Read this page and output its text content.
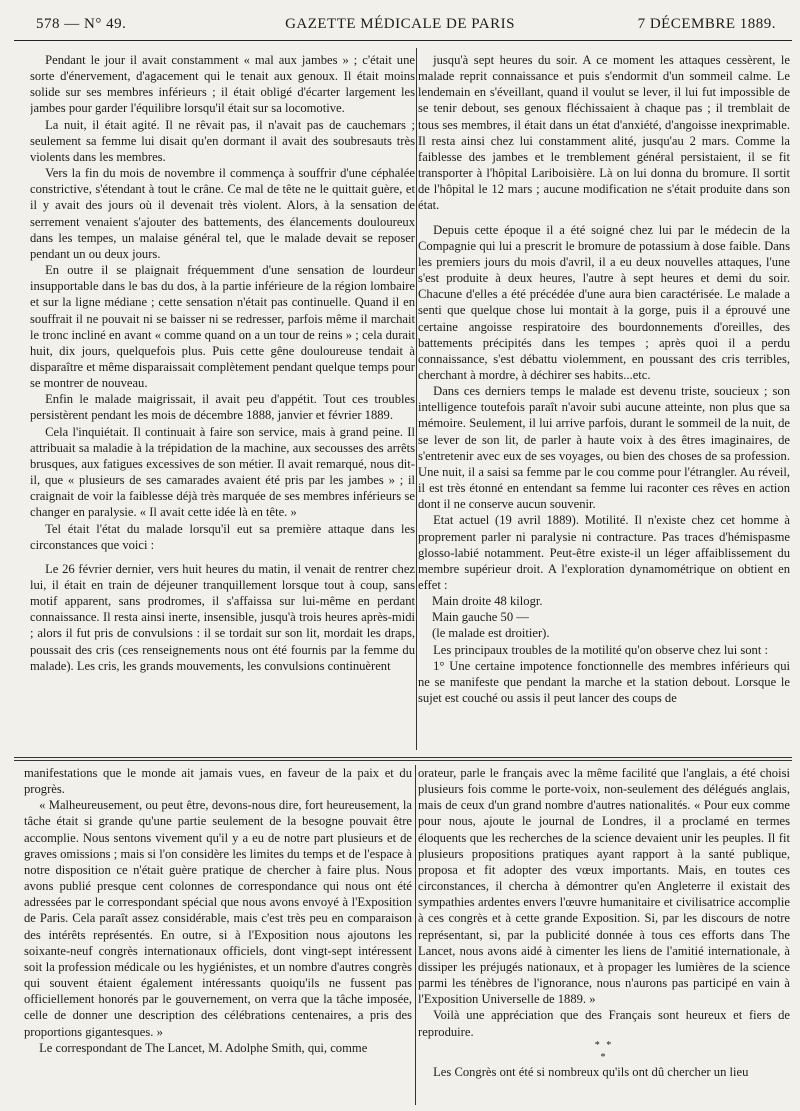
578 — N° 49.	GAZETTE MÉDICALE DE PARIS	7 DÉCEMBRE 1889.

Pendant le jour il avait constamment « mal aux jambes » ; c'était une sorte d'énervement, d'agacement qui le tenait aux genoux. Il était moins solide sur ses membres inférieurs ; il était obligé d'écarter largement les jambes pour garder l'équilibre lorsqu'il était sur sa locomotive.

La nuit, il était agité. Il ne rêvait pas, il n'avait pas de cauchemars ; seulement sa femme lui disait qu'en dormant il avait des soubresauts très violents dans les membres.

Vers la fin du mois de novembre il commença à souffrir d'une céphalée constrictive, s'étendant à tout le crâne. Ce mal de tête ne le quittait guère, et il y avait des jours où il devenait très violent. Alors, à la sensation de serrement venaient s'ajouter des battements, des élancements douloureux dans les tempes, un malaise général tel, que le malade devait se reposer pendant un ou deux jours.

En outre il se plaignait fréquemment d'une sensation de lourdeur insupportable dans le bas du dos, à la partie inférieure de la région lombaire et sur la ligne médiane ; cette sensation n'était pas continuelle. Quand il en souffrait il ne pouvait ni se baisser ni se redresser, parfois même il marchait le tronc incliné en avant « comme quand on a un tour de reins » ; cela durait huit, dix jours, quelquefois plus. Puis cette gêne douloureuse tendait à disparaître et même disparaissait complètement pendant quelque temps pour se montrer de nouveau.

Enfin le malade maigrissait, il avait peu d'appétit. Tout ces troubles persistèrent pendant les mois de décembre 1888, janvier et février 1889.

Cela l'inquiétait. Il continuait à faire son service, mais à grand peine. Il attribuait sa maladie à la trépidation de la machine, aux secousses des arrêts brusques, aux fatigues excessives de son métier. Il avait remarqué, nous dit-il, que « plusieurs de ses camarades avaient été pris par les jambes » ; il craignait de voir la faiblesse déjà très marquée de ses membres inférieurs se changer en paralysie. « Il avait cette idée là en tête. »

Tel était l'état du malade lorsqu'il eut sa première attaque dans les circonstances que voici :

Le 26 février dernier, vers huit heures du matin, il venait de rentrer chez lui, il était en train de déjeuner tranquillement lorsque tout à coup, sans motif apparent, sans prodromes, il s'affaissa sur lui-même en perdant connaissance. Il resta ainsi inerte, insensible, jusqu'à trois heures après-midi ; alors il fut pris de convulsions : il se tordait sur son lit, mordait les draps, poussait des cris (ces renseignements nous ont été fournis par la femme du malade). Les cris, les grands mouvements, les convulsions continuèrent

jusqu'à sept heures du soir. A ce moment les attaques cessèrent, le malade reprit connaissance et puis s'endormit d'un sommeil calme. Le lendemain en s'éveillant, quand il voulut se lever, il lui fut impossible de se tenir debout, ses genoux fléchissaient à chaque pas ; il tremblait de tous ses membres, il était dans un état d'anxiété, d'angoisse inexprimable. Il resta ainsi chez lui constamment alité, jusqu'au 2 mars. Comme la faiblesse des jambes et le tremblement général persistaient, il se fit transporter à l'hôpital Lariboisière. Là on lui donna du bromure. Il sortit de l'hôpital le 12 mars ; aucune modification ne s'était produite dans son état.

Depuis cette époque il a été soigné chez lui par le médecin de la Compagnie qui lui a prescrit le bromure de potassium à dose faible. Dans les premiers jours du mois d'avril, il a eu deux nouvelles attaques, l'une s'est produite à deux heures, l'autre à sept heures et demi du soir. Chacune d'elles a été précédée d'une aura bien caractérisée. Le malade a senti que quelque chose lui montait à la gorge, puis il a éprouvé une certaine angoisse respiratoire des bourdonnements d'oreilles, des battements précipités dans les tempes ; après quoi il a perdu connaissance, s'est débattu violemment, en poussant des cris terribles, cherchant à mordre, à déchirer ses habits...etc.

Dans ces derniers temps le malade est devenu triste, soucieux ; son intelligence toutefois paraît n'avoir subi aucune atteinte, non plus que sa mémoire. Seulement, il lui arrive parfois, durant le sommeil de la nuit, de se lever de son lit, de parler à haute voix à des êtres imaginaires, de s'entretenir avec eux de ses voyages, ou bien des choses de sa profession. Une nuit, il a saisi sa femme par le cou comme pour l'étrangler. Au réveil, il est très étonné en entendant sa femme lui raconter ces rêves en action dont il ne conserve aucun souvenir.

Etat actuel (19 avril 1889). Motilité. Il n'existe chez cet homme à proprement parler ni paralysie ni contracture. Pas traces d'hémispasme glosso-labié notamment. Peut-être existe-il un léger affaiblissement du membre supérieur droit. A l'exploration dynamométrique on obtient en effet :

Main droite 48 kilogr.

Main gauche 50 —

(le malade est droitier).

Les principaux troubles de la motilité qu'on observe chez lui sont :

1° Une certaine impotence fonctionnelle des membres inférieurs qui ne se manifeste que pendant la marche et la station debout. Lorsque le sujet est couché ou assis il peut lancer des coups de

manifestations que le monde ait jamais vues, en faveur de la paix et du progrès.

« Malheureusement, ou peut être, devons-nous dire, fort heureusement, la tâche était si grande qu'une partie seulement de la besogne pouvait être accomplie. Nous sentons vivement qu'il y a eu de notre part plusieurs et de graves omissions ; mais si l'on considère les limites du temps et de l'espace à notre disposition ce n'était guère pratique de chercher à faire plus. Nous avons publié presque cent colonnes de correspondance qui nous ont été adressées par le correspondant spécial que nous avons envoyé à l'Exposition de Paris. Cela paraît assez considérable, mais c'est très peu en comparaison des intérêts représentés. En outre, si à l'Exposition nous ajoutons les soixante-neuf congrès internationaux officiels, dont vingt-sept intéressent soit la profession médicale ou les hygiénistes, et un nombre d'autres congrès qui souvent étaient également intéressants quoiqu'ils ne fussent pas officiellement honorés par le gouvernement, on verra que la tâche imposée, celle de donner une description des célébrations centenaires, a pris des proportions gigantesques. »

Le correspondant de The Lancet, M. Adolphe Smith, qui, comme

orateur, parle le français avec la même facilité que l'anglais, a été choisi plusieurs fois comme le porte-voix, non-seulement des délégués anglais, mais de ceux d'un grand nombre d'autres nationalités. « Pour eux comme pour nous, ajoute le journal de Londres, il a proclamé en termes éloquents que les recherches de la science devaient unir les peuples. Il fit plusieurs propositions pratiques ayant rapport à la santé publique, proposa et fit adopter des vœux importants. Mais, en toutes ces circonstances, il chercha à démontrer qu'en Angleterre il existait des sympathies ardentes envers l'œuvre humanitaire et civilisatrice accomplie à ces congrès et à cette grande Exposition. Si, par les discours de notre représentant, si, par la publicité donnée à tous ces efforts dans The Lancet, nous avons aidé à cimenter les liens de l'amitié internationale, à dissiper les préjugés nationaux, et à propager les lumières de la science parmi les ténèbres de l'ignorance, nous n'aurons pas participé en vain à l'Exposition Universelle de 1889. »

Voilà une appréciation que des Français sont heureux et fiers de reproduire.

* *
*

Les Congrès ont été si nombreux qu'ils ont dû chercher un lieu
